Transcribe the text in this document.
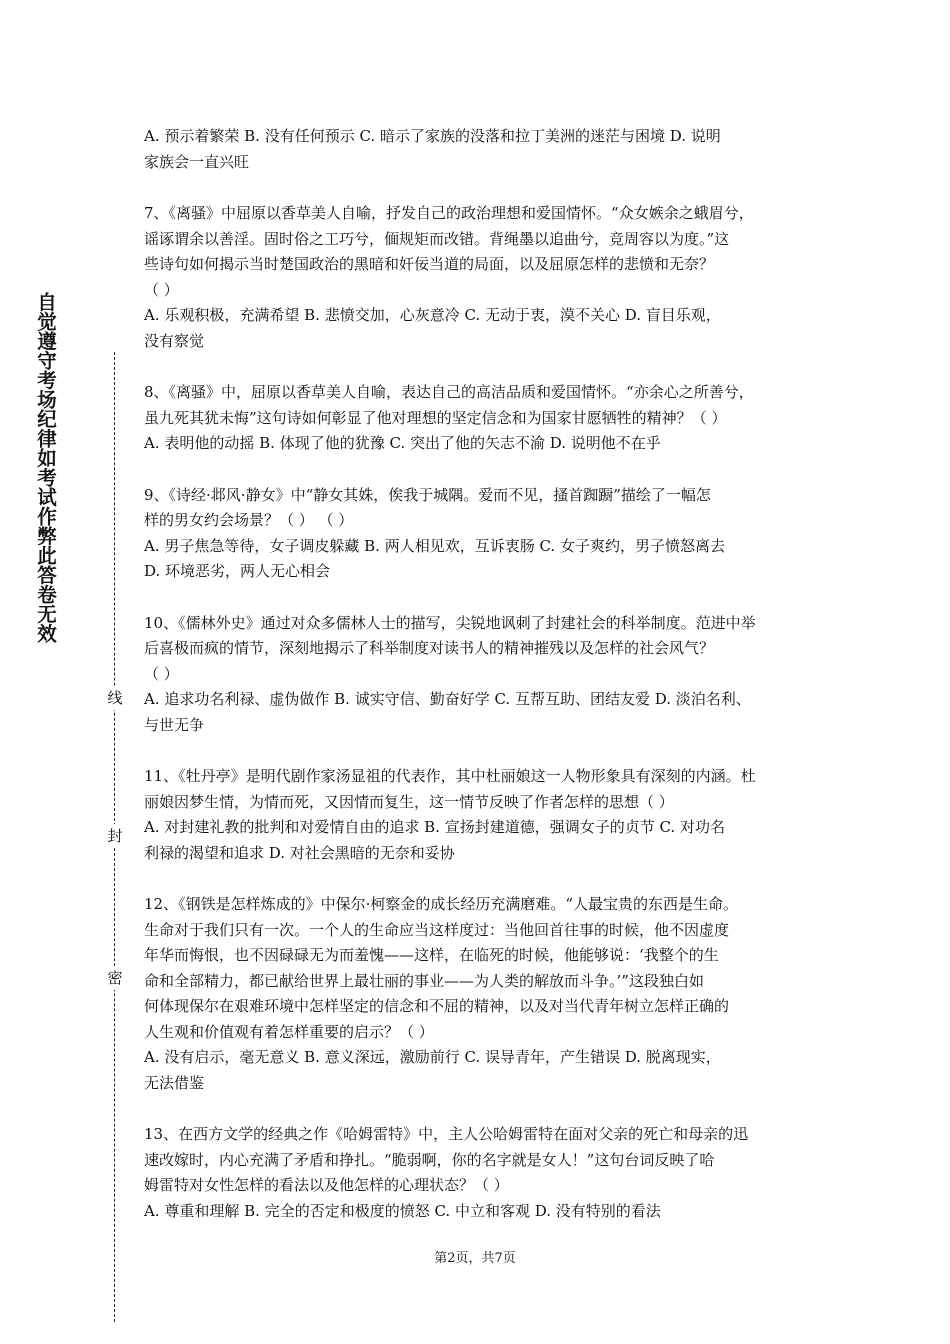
自觉遵守考场纪律如考试作弊此答卷无效
线
封
密

A. 预示着繁荣 B. 没有任何预示 C. 暗示了家族的没落和拉丁美洲的迷茫与困境 D. 说明

家族会一直兴旺

7、《离骚》中屈原以香草美人自喻，抒发自己的政治理想和爱国情怀。“众女嫉余之蛾眉兮，

谣诼谓余以善淫。固时俗之工巧兮，偭规矩而改错。背绳墨以追曲兮，竞周容以为度。”这

些诗句如何揭示当时楚国政治的黑暗和奸佞当道的局面，以及屈原怎样的悲愤和无奈？

（ ）

A. 乐观积极，充满希望 B. 悲愤交加，心灰意冷 C. 无动于衷，漠不关心 D. 盲目乐观，

没有察觉

8、《离骚》中，屈原以香草美人自喻，表达自己的高洁品质和爱国情怀。“亦余心之所善兮，

虽九死其犹未悔”这句诗如何彰显了他对理想的坚定信念和为国家甘愿牺牲的精神？（ ）

A. 表明他的动摇 B. 体现了他的犹豫 C. 突出了他的矢志不渝 D. 说明他不在乎

9、《诗经·邶风·静女》中“静女其姝，俟我于城隅。爱而不见，搔首踟蹰”描绘了一幅怎

样的男女约会场景？（ ） （ ）

A. 男子焦急等待，女子调皮躲藏 B. 两人相见欢，互诉衷肠 C. 女子爽约，男子愤怒离去

D. 环境恶劣，两人无心相会

10、《儒林外史》通过对众多儒林人士的描写，尖锐地讽刺了封建社会的科举制度。范进中举

后喜极而疯的情节，深刻地揭示了科举制度对读书人的精神摧残以及怎样的社会风气？

（ ）

A. 追求功名利禄、虚伪做作 B. 诚实守信、勤奋好学 C. 互帮互助、团结友爱 D. 淡泊名利、

与世无争

11、《牡丹亭》是明代剧作家汤显祖的代表作，其中杜丽娘这一人物形象具有深刻的内涵。杜

丽娘因梦生情，为情而死，又因情而复生，这一情节反映了作者怎样的思想（ ）

A. 对封建礼教的批判和对爱情自由的追求 B. 宣扬封建道德，强调女子的贞节 C. 对功名

利禄的渴望和追求 D. 对社会黑暗的无奈和妥协

12、《钢铁是怎样炼成的》中保尔·柯察金的成长经历充满磨难。“人最宝贵的东西是生命。

生命对于我们只有一次。一个人的生命应当这样度过：当他回首往事的时候，他不因虚度

年华而悔恨，也不因碌碌无为而羞愧——这样，在临死的时候，他能够说：‘我整个的生

命和全部精力，都已献给世界上最壮丽的事业——为人类的解放而斗争。’”这段独白如

何体现保尔在艰难环境中怎样坚定的信念和不屈的精神，以及对当代青年树立怎样正确的

人生观和价值观有着怎样重要的启示？（ ）

A. 没有启示，毫无意义 B. 意义深远，激励前行 C. 误导青年，产生错误 D. 脱离现实，

无法借鉴

13、在西方文学的经典之作《哈姆雷特》中，主人公哈姆雷特在面对父亲的死亡和母亲的迅

速改嫁时，内心充满了矛盾和挣扎。“脆弱啊，你的名字就是女人！”这句台词反映了哈

姆雷特对女性怎样的看法以及他怎样的心理状态？（ ）

A. 尊重和理解 B. 完全的否定和极度的愤怒 C. 中立和客观 D. 没有特别的看法

第2页，共7页
